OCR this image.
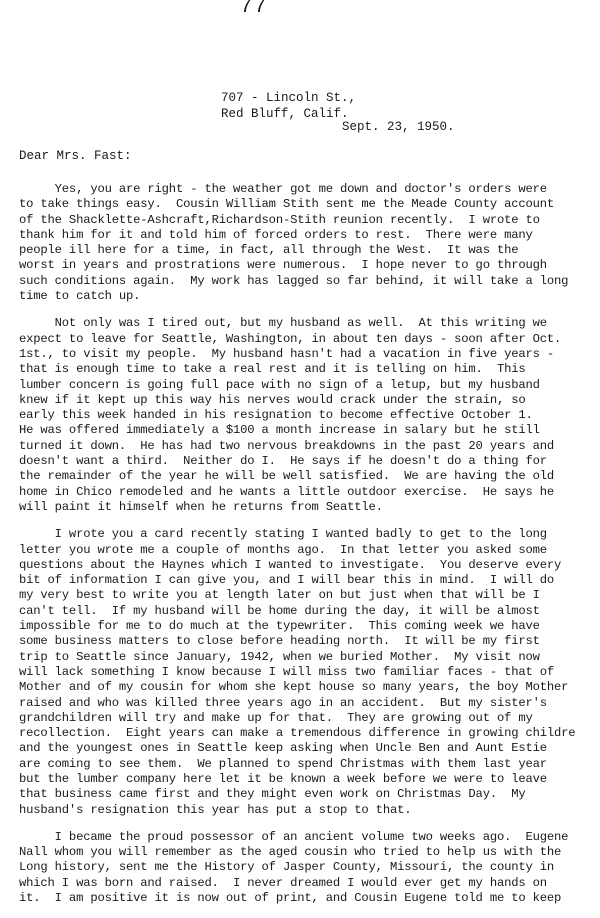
77
707 - Lincoln St.,
Red Bluff, Calif.
Sept. 23, 1950.
Dear Mrs. Fast:
Yes, you are right - the weather got me down and doctor's orders were
to take things easy.  Cousin William Stith sent me the Meade County account
of the Shacklette-Ashcraft,Richardson-Stith reunion recently.  I wrote to
thank him for it and told him of forced orders to rest.  There were many
people ill here for a time, in fact, all through the West.  It was the
worst in years and prostrations were numerous.  I hope never to go through
such conditions again.  My work has lagged so far behind, it will take a long
time to catch up.
Not only was I tired out, but my husband as well.  At this writing we
expect to leave for Seattle, Washington, in about ten days - soon after Oct.
1st., to visit my people.  My husband hasn't had a vacation in five years -
that is enough time to take a real rest and it is telling on him.  This
lumber concern is going full pace with no sign of a letup, but my husband
knew if it kept up this way his nerves would crack under the strain, so
early this week handed in his resignation to become effective October 1.
He was offered immediately a $100 a month increase in salary but he still
turned it down.  He has had two nervous breakdowns in the past 20 years and
doesn't want a third.  Neither do I.  He says if he doesn't do a thing for
the remainder of the year he will be well satisfied.  We are having the old
home in Chico remodeled and he wants a little outdoor exercise.  He says he
will paint it himself when he returns from Seattle.
I wrote you a card recently stating I wanted badly to get to the long
letter you wrote me a couple of months ago.  In that letter you asked some
questions about the Haynes which I wanted to investigate.  You deserve every
bit of information I can give you, and I will bear this in mind.  I will do
my very best to write you at length later on but just when that will be I
can't tell.  If my husband will be home during the day, it will be almost
impossible for me to do much at the typewriter.  This coming week we have
some business matters to close before heading north.  It will be my first
trip to Seattle since January, 1942, when we buried Mother.  My visit now
will lack something I know because I will miss two familiar faces - that of
Mother and of my cousin for whom she kept house so many years, the boy Mother
raised and who was killed three years ago in an accident.  But my sister's
grandchildren will try and make up for that.  They are growing out of my
recollection.  Eight years can make a tremendous difference in growing childre
and the youngest ones in Seattle keep asking when Uncle Ben and Aunt Estie
are coming to see them.  We planned to spend Christmas with them last year
but the lumber company here let it be known a week before we were to leave
that business came first and they might even work on Christmas Day.  My
husband's resignation this year has put a stop to that.
I became the proud possessor of an ancient volume two weeks ago.  Eugene
Nall whom you will remember as the aged cousin who tried to help us with the
Long history, sent me the History of Jasper County, Missouri, the county in
which I was born and raised.  I never dreamed I would ever get my hands on
it.  I am positive it is now out of print, and Cousin Eugene told me to keep
